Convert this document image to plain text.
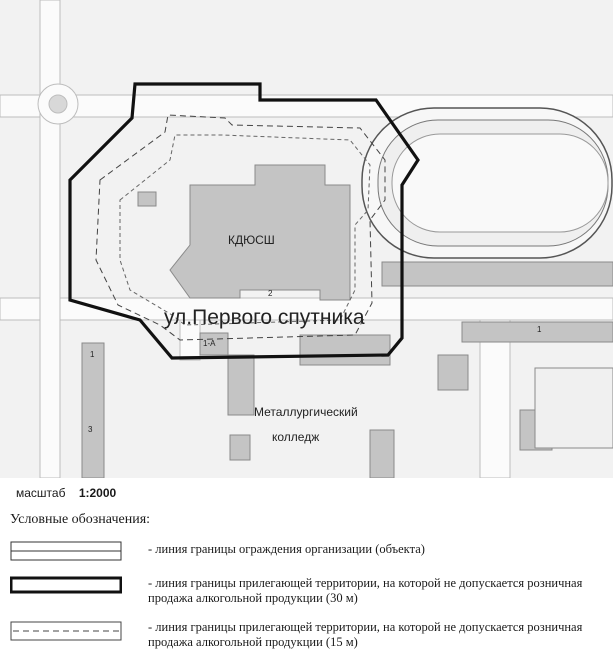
КДЮСШ
ул.Первого спутника
Металлургический
колледж
1
2
1-А
1
3
масштаб 1:2000
Условные обозначения:
- линия границы ограждения организации (объекта)
- линия границы прилегающей территории, на которой не допускается розничная продажа алкогольной продукции (30 м)
- линия границы прилегающей территории, на которой не допускается розничная продажа алкогольной продукции (15 м)
